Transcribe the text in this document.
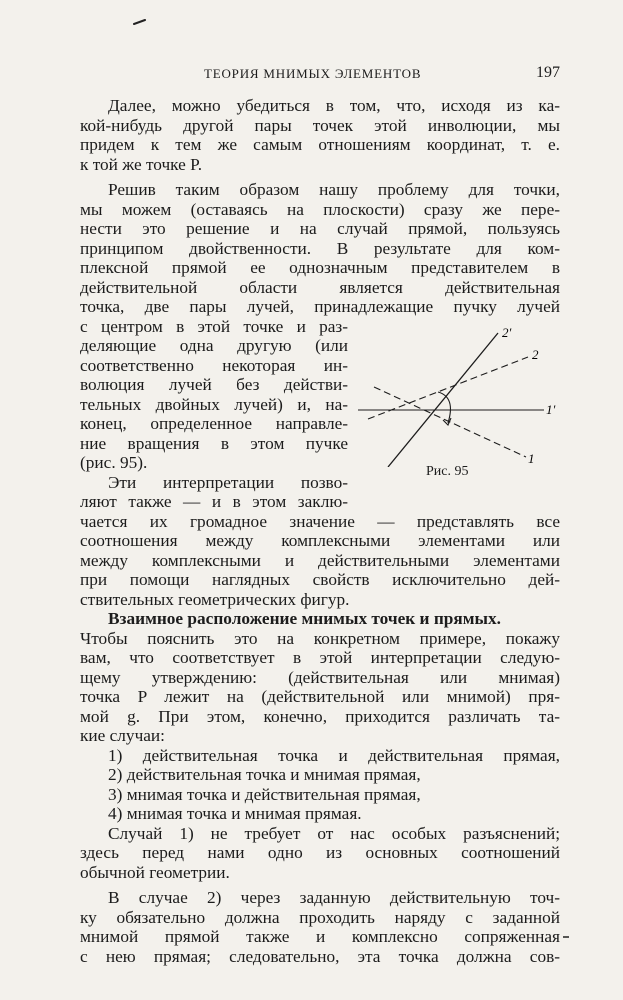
ТЕОРИЯ МНИМЫХ ЭЛЕМЕНТОВ	197

Далее, можно убедиться в том, что, исходя из ка-

кой-нибудь другой пары точек этой инволюции, мы

придем к тем же самым отношениям координат, т. е.

к той же точке P.

Решив таким образом нашу проблему для точки,

мы можем (оставаясь на плоскости) сразу же пере-

нести это решение и на случай прямой, пользуясь

принципом двойственности. В результате для ком-

плексной прямой ее однозначным представителем в

действительной области является действительная

точка, две пары лучей, принадлежащие пучку лучей

2′
2
1′
1
Рис. 95

с центром в этой точке и раз-

деляющие одна другую (или

соответственно некоторая ин-

волюция лучей без действи-

тельных двойных лучей) и, на-

конец, определенное направле-

ние вращения в этом пучке

(рис. 95).

Эти интерпретации позво-

ляют также — и в этом заклю-

чается их громадное значение — представлять все

соотношения между комплексными элементами или

между комплексными и действительными элементами

при помощи наглядных свойств исключительно дей-

ствительных геометрических фигур.

Взаимное расположение мнимых точек и прямых.

Чтобы пояснить это на конкретном примере, покажу

вам, что соответствует в этой интерпретации следую-

щему утверждению: (действительная или мнимая)

точка P лежит на (действительной или мнимой) пря-

мой g. При этом, конечно, приходится различать та-

кие случаи:

1) действительная точка и действительная прямая,

2) действительная точка и мнимая прямая,

3) мнимая точка и действительная прямая,

4) мнимая точка и мнимая прямая.

Случай 1) не требует от нас особых разъяснений;

здесь перед нами одно из основных соотношений

обычной геометрии.

В случае 2) через заданную действительную точ-

ку обязательно должна проходить наряду с заданной

мнимой прямой также и комплексно сопряженная

с нею прямая; следовательно, эта точка должна сов-
